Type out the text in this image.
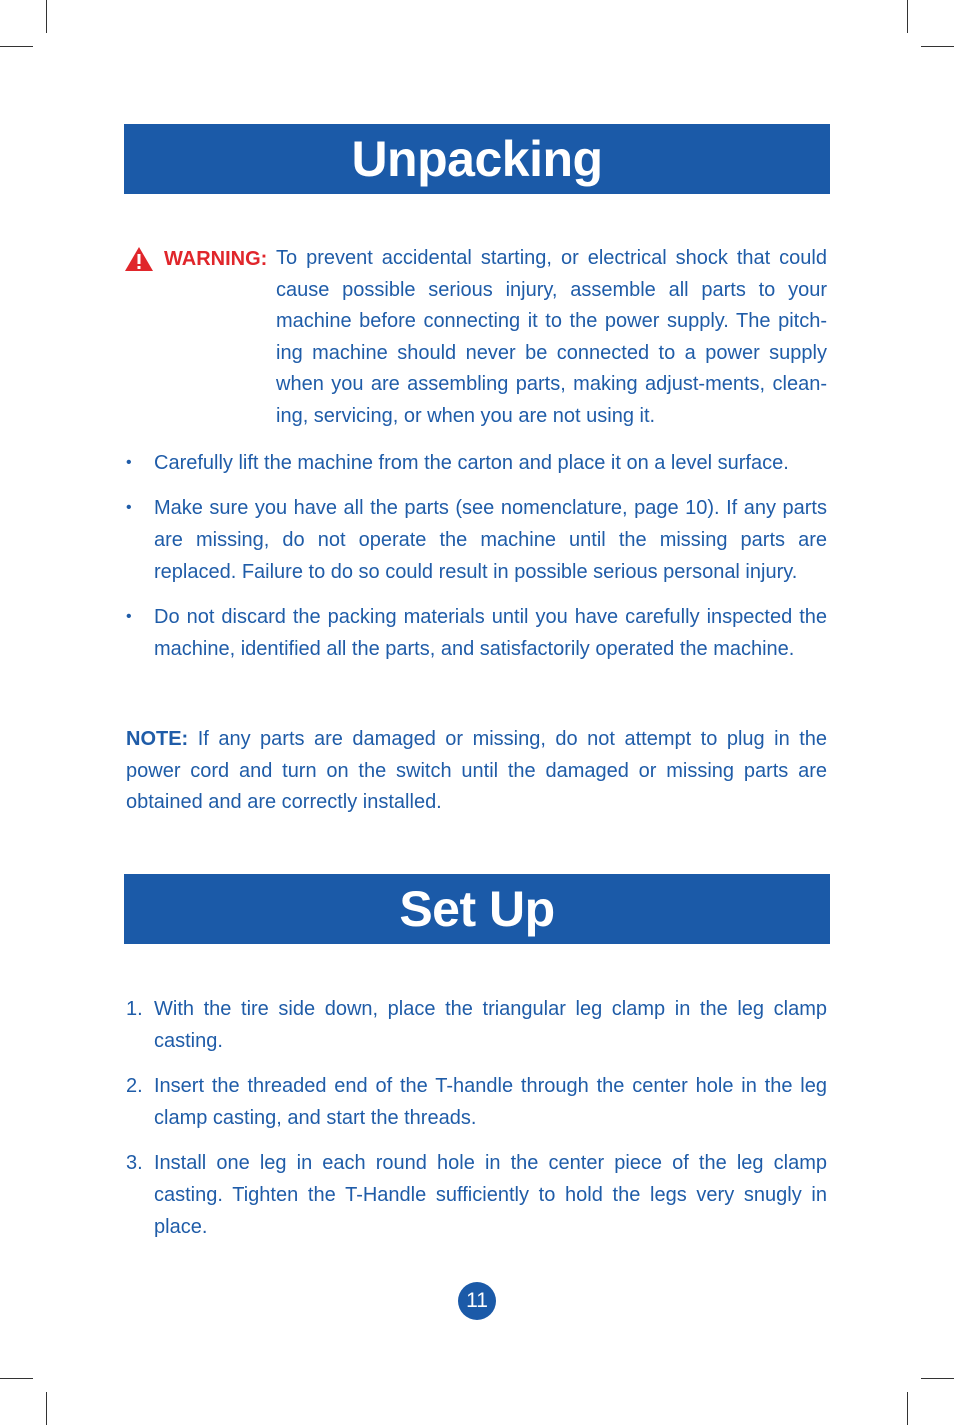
Unpacking
WARNING: To prevent accidental starting, or electrical shock that could cause possible serious injury, assemble all parts to your machine before connecting it to the power supply. The pitch-ing machine should never be connected to a power supply when you are assembling parts, making adjust-ments, clean-ing, servicing, or when you are not using it.
• Carefully lift the machine from the carton and place it on a level surface.
• Make sure you have all the parts (see nomenclature, page 10). If any parts are missing, do not operate the machine until the missing parts are replaced. Failure to do so could result in possible serious personal injury.
• Do not discard the packing materials until you have carefully inspected the machine, identified all the parts, and satisfactorily operated the machine.
NOTE: If any parts are damaged or missing, do not attempt to plug in the power cord and turn on the switch until the damaged or missing parts are obtained and are correctly installed.
Set Up
1. With the tire side down, place the triangular leg clamp in the leg clamp casting.
2. Insert the threaded end of the T-handle through the center hole in the leg clamp casting, and start the threads.
3. Install one leg in each round hole in the center piece of the leg clamp casting. Tighten the T-Handle sufficiently to hold the legs very snugly in place.
11
